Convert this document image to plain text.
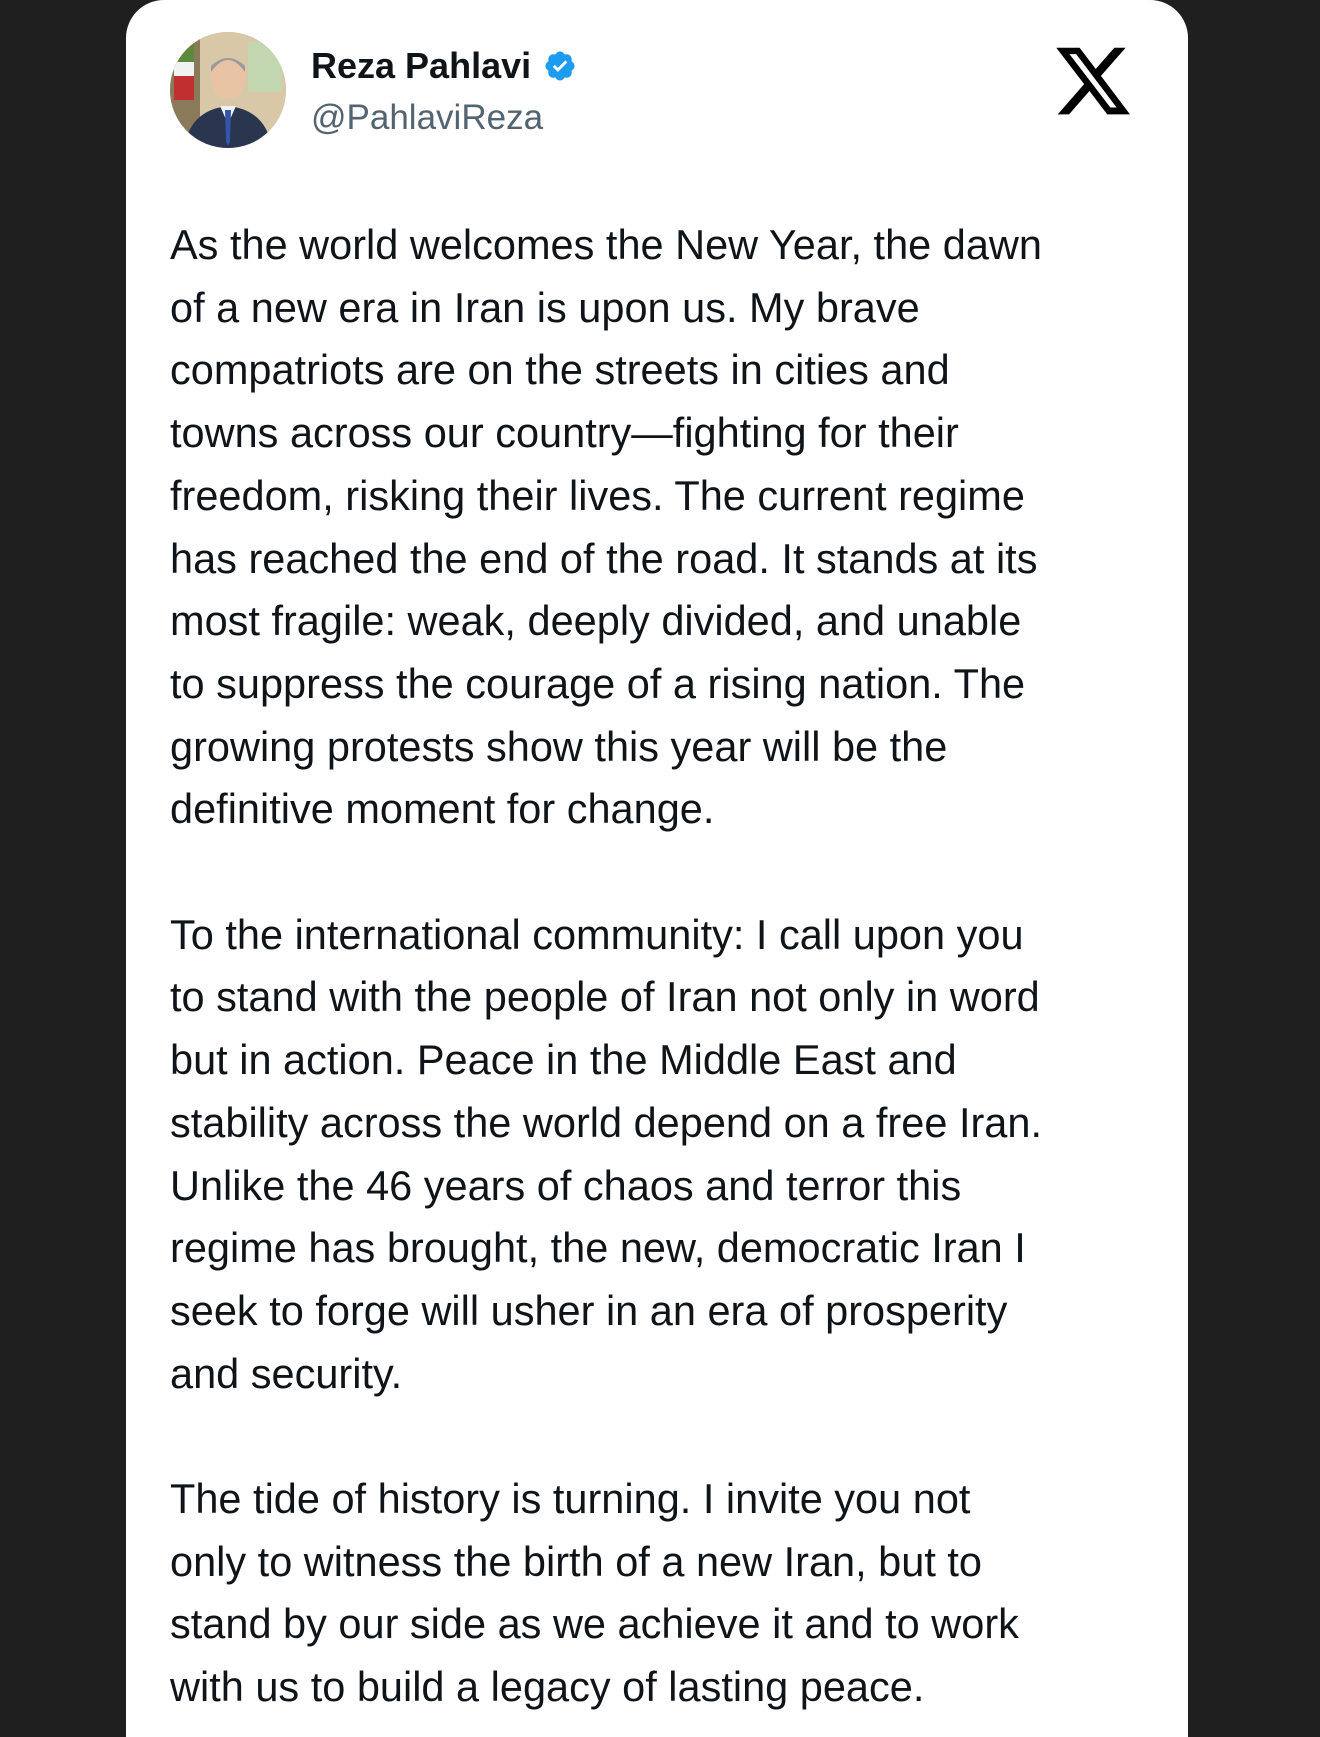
Reza Pahlavi
@PahlaviReza

As the world welcomes the New Year, the dawn
of a new era in Iran is upon us. My brave
compatriots are on the streets in cities and
towns across our country—fighting for their
freedom, risking their lives. The current regime
has reached the end of the road. It stands at its
most fragile: weak, deeply divided, and unable
to suppress the courage of a rising nation. The
growing protests show this year will be the
definitive moment for change.

To the international community: I call upon you
to stand with the people of Iran not only in word
but in action. Peace in the Middle East and
stability across the world depend on a free Iran.
Unlike the 46 years of chaos and terror this
regime has brought, the new, democratic Iran I
seek to forge will usher in an era of prosperity
and security.

The tide of history is turning. I invite you not
only to witness the birth of a new Iran, but to
stand by our side as we achieve it and to work
with us to build a legacy of lasting peace.
